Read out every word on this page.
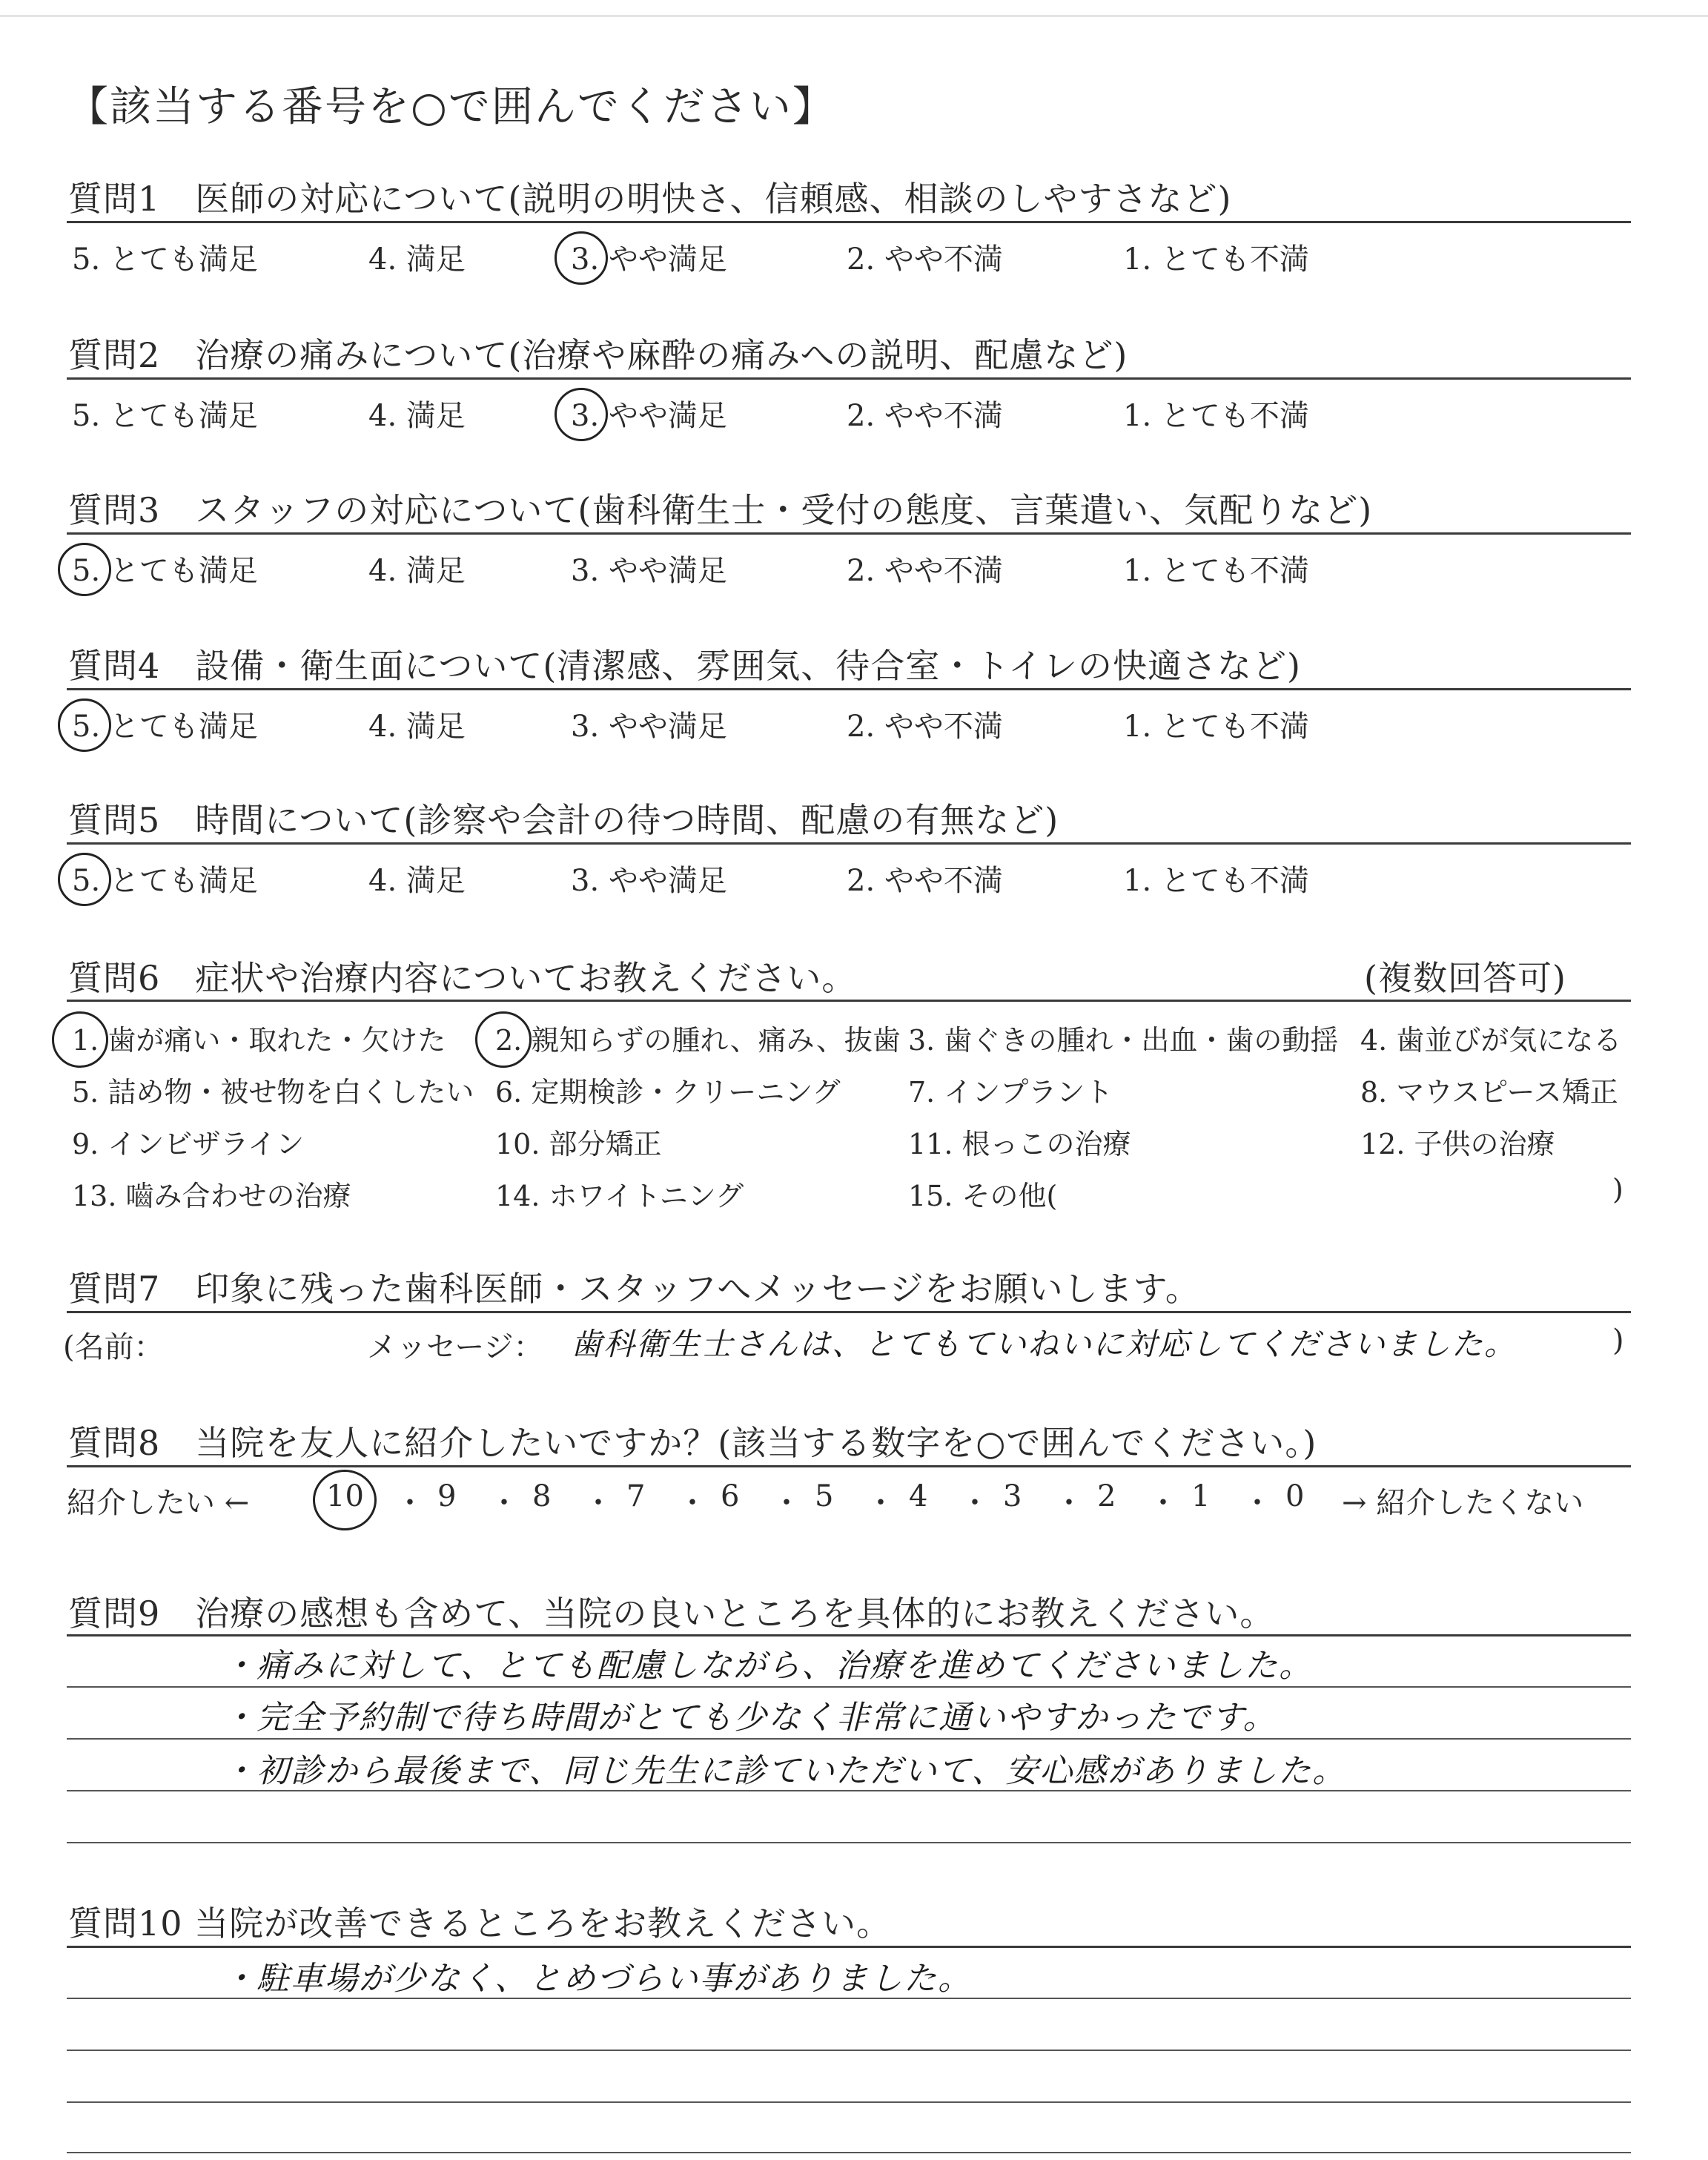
【該当する番号を○で囲んでください】
質問1　医師の対応について(説明の明快さ、信頼感、相談のしやすさなど)
5. とても満足	4. 満足	3. やや満足	2. やや不満	1. とても不満
質問2　治療の痛みについて(治療や麻酔の痛みへの説明、配慮など)
5. とても満足	4. 満足	3. やや満足	2. やや不満	1. とても不満
質問3　スタッフの対応について(歯科衛生士・受付の態度、言葉遣い、気配りなど)
5. とても満足	4. 満足	3. やや満足	2. やや不満	1. とても不満
質問4　設備・衛生面について(清潔感、雰囲気、待合室・トイレの快適さなど)
5. とても満足	4. 満足	3. やや満足	2. やや不満	1. とても不満
質問5　時間について(診察や会計の待つ時間、配慮の有無など)
5. とても満足	4. 満足	3. やや満足	2. やや不満	1. とても不満
質問6　症状や治療内容についてお教えください。	(複数回答可)
1. 歯が痛い・取れた・欠けた 2. 親知らずの腫れ、痛み、抜歯 3. 歯ぐきの腫れ・出血・歯の動揺 4. 歯並びが気になる
5. 詰め物・被せ物を白くしたい 6. 定期検診・クリーニング 7. インプラント	8. マウスピース矯正
9. インビザライン	10. 部分矯正	11. 根っこの治療	12. 子供の治療
13. 嚙み合わせの治療	14. ホワイトニング	15. その他(	)
質問7　印象に残った歯科医師・スタッフへメッセージをお願いします。
(名前：	メッセージ： 歯科衛生士さんは、とてもていねいに対応してくださいました。	)
質問8　当院を友人に紹介したいですか？(該当する数字を○で囲んでください。)
紹介したい ←	→ 紹介したくない
10 ・ 9 ・ 8 ・ 7 ・ 6 ・ 5 ・ 4 ・ 3 ・ 2 ・ 1 ・ 0
質問9　治療の感想も含めて、当院の良いところを具体的にお教えください。
・痛みに対して、とても配慮しながら、治療を進めてくださいました。
・完全予約制で待ち時間がとても少なく非常に通いやすかったです。
・初診から最後まで、同じ先生に診ていただいて、安心感がありました。
質問10 当院が改善できるところをお教えください。
・駐車場が少なく、とめづらい事がありました。
